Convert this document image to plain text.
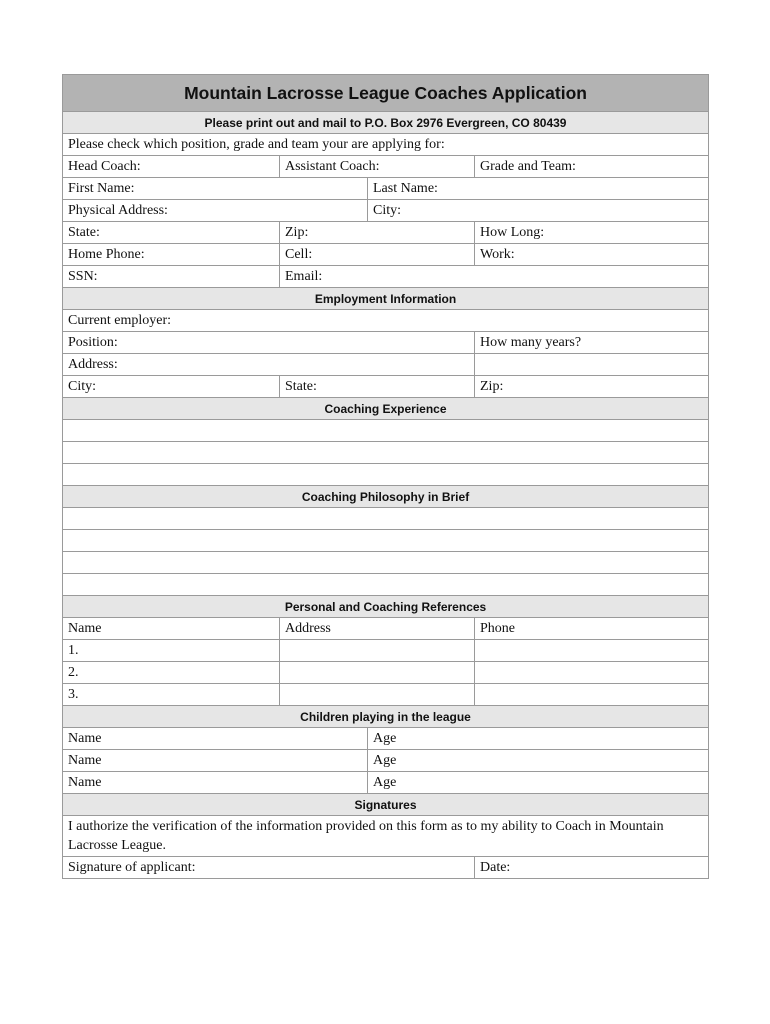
Mountain Lacrosse League Coaches Application			
Please print out and mail to P.O. Box 2976 Evergreen, CO 80439			
Please check which position, grade and team your are applying for:			
Head Coach:	Assistant Coach:		Grade and Team:
First Name:		Last Name:	
Physical Address:		City:	
State:	Zip:		How Long:
Home Phone:	Cell:		Work:
SSN:	Email:		
Employment Information			
Current employer:			
Position:			How many years?
Address:			
City:	State:		Zip:
Coaching Experience			

Coaching Philosophy in Brief			

Personal and Coaching References			
Name	Address		Phone
1.			
2.			
3.			
Children playing in the league			
Name		Age	
Name		Age	
Name		Age	
Signatures			
I authorize the verification of the information provided on this form as to my ability to Coach in Mountain Lacrosse League.			
Signature of applicant:			Date:
